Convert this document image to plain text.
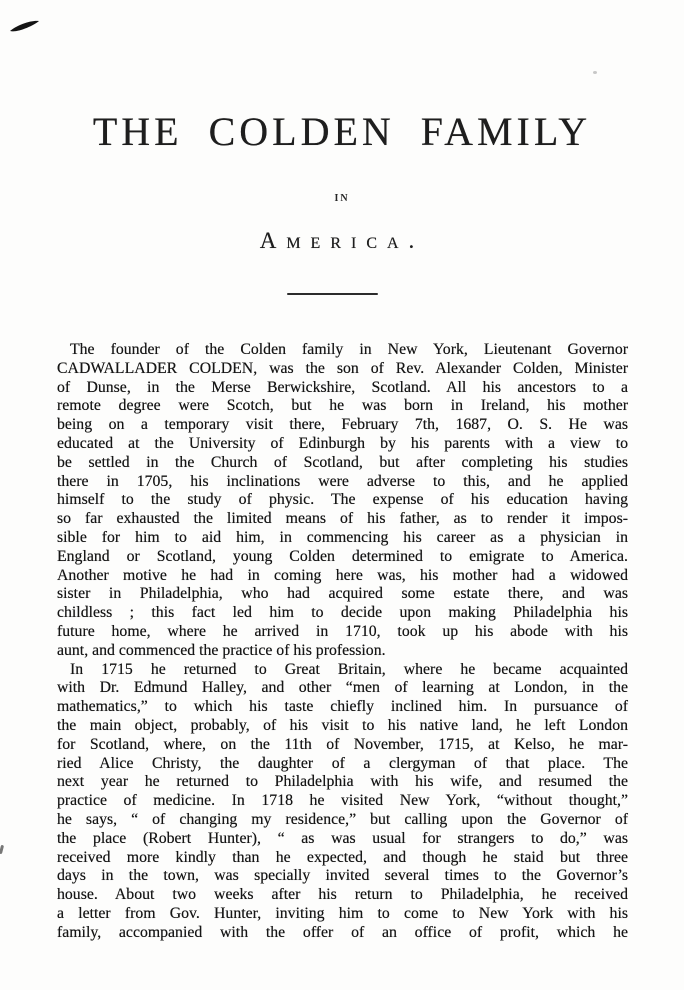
THE COLDEN FAMILY
IN
America.
The founder of the Colden family in New York, Lieutenant Governor
CADWALLADER COLDEN, was the son of Rev. Alexander Colden, Minister
of Dunse, in the Merse Berwickshire, Scotland. All his ancestors to a
remote degree were Scotch, but he was born in Ireland, his mother
being on a temporary visit there, February 7th, 1687, O. S. He was
educated at the University of Edinburgh by his parents with a view to
be settled in the Church of Scotland, but after completing his studies
there in 1705, his inclinations were adverse to this, and he applied
himself to the study of physic. The expense of his education having
so far exhausted the limited means of his father, as to render it impos-
sible for him to aid him, in commencing his career as a physician in
England or Scotland, young Colden determined to emigrate to America.
Another motive he had in coming here was, his mother had a widowed
sister in Philadelphia, who had acquired some estate there, and was
childless ; this fact led him to decide upon making Philadelphia his
future home, where he arrived in 1710, took up his abode with his
aunt, and commenced the practice of his profession.
In 1715 he returned to Great Britain, where he became acquainted
with Dr. Edmund Halley, and other “men of learning at London, in the
mathematics,” to which his taste chiefly inclined him. In pursuance of
the main object, probably, of his visit to his native land, he left London
for Scotland, where, on the 11th of November, 1715, at Kelso, he mar-
ried Alice Christy, the daughter of a clergyman of that place. The
next year he returned to Philadelphia with his wife, and resumed the
practice of medicine. In 1718 he visited New York, “without thought,”
he says, “ of changing my residence,” but calling upon the Governor of
the place (Robert Hunter), “ as was usual for strangers to do,” was
received more kindly than he expected, and though he staid but three
days in the town, was specially invited several times to the Governor’s
house. About two weeks after his return to Philadelphia, he received
a letter from Gov. Hunter, inviting him to come to New York with his
family, accompanied with the offer of an office of profit, which he
